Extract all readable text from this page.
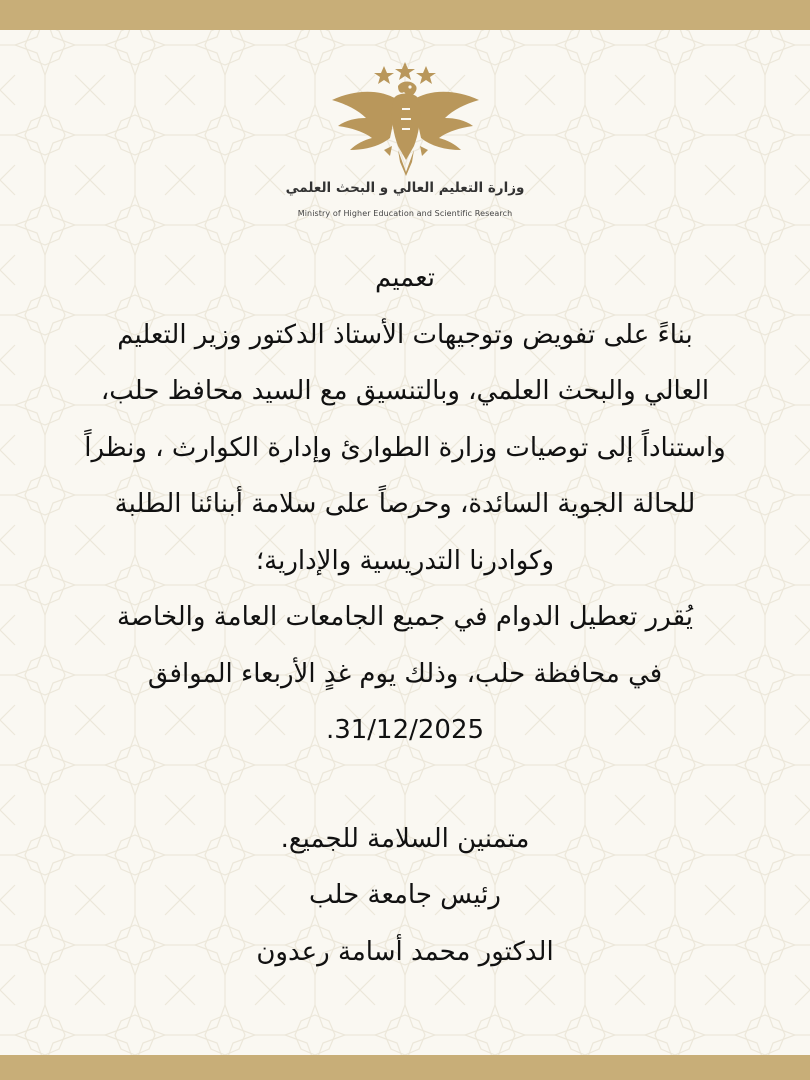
وزارة التعليم العالي و البحث العلمي
Ministry of Higher Education and Scientific Research
تعميم
بناءً على تفويض وتوجيهات الأستاذ الدكتور وزير التعليم
العالي والبحث العلمي، وبالتنسيق مع السيد محافظ حلب،
واستناداً إلى توصيات وزارة الطوارئ وإدارة الكوارث ، ونظراً
للحالة الجوية السائدة، وحرصاً على سلامة أبنائنا الطلبة
وكوادرنا التدريسية والإدارية؛
يُقرر تعطيل الدوام في جميع الجامعات العامة والخاصة
في محافظة حلب، وذلك يوم غدٍ الأربعاء الموافق
31/12/2025.
متمنين السلامة للجميع.
رئيس جامعة حلب
الدكتور محمد أسامة رعدون
